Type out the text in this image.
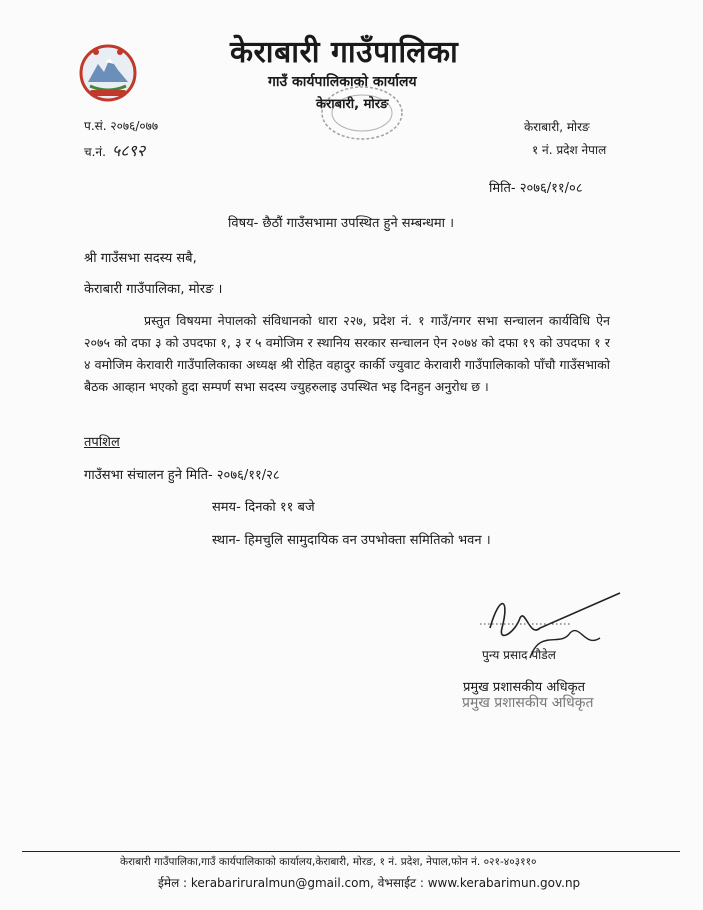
केराबारी गाउँपालिका
गाउँ कार्यपालिकाको कार्यालय
केराबारी, मोरङ
प.सं. २०७६/०७७
च.नं. ५८९२
केराबारी, मोरङ
१ नं. प्रदेश नेपाल
मिति- २०७६/११/०८
विषय- छैठौं गाउँसभामा उपस्थित हुने सम्बन्धमा ।
श्री गाउँसभा सदस्य सबै,
केराबारी गाउँपालिका, मोरङ ।

प्रस्तुत विषयमा नेपालको संविधानको धारा २२७, प्रदेश नं. १ गाउँ/नगर सभा सन्चालन कार्यविधि ऐन २०७५ को दफा ३ को उपदफा १, ३ र ५ वमोजिम र स्थानिय सरकार सन्चालन ऐन २०७४ को दफा १९ को उपदफा १ र ४ वमोजिम केरावारी गाउँपालिकाका अध्यक्ष श्री रोहित वहादुर कार्की ज्युवाट केरावारी गाउँपालिकाको पाँचौ गाउँसभाको बैठक आव्हान भएको हुदा सम्पर्ण सभा सदस्य ज्युहरुलाइ उपस्थित भइ दिनहुन अनुरोध छ ।

तपशिल
गाउँसभा संचालन हुने मिति- २०७६/११/२८
समय- दिनको ११ बजे
स्थान- हिमचुलि सामुदायिक वन उपभोक्ता समितिको भवन ।
पुन्य प्रसाद पौडेल
प्रमुख प्रशासकीय अधिकृत
प्रमुख प्रशासकीय अधिकृत
केराबारी गाउँपालिका,गाउँ कार्यपालिकाको कार्यालय,केराबारी, मोरङ, १ नं. प्रदेश, नेपाल,फोन नं. ०२१-४०३११०
ईमेल : kerabariruralmun@gmail.com, वेभसाईट : www.kerabarimun.gov.np
